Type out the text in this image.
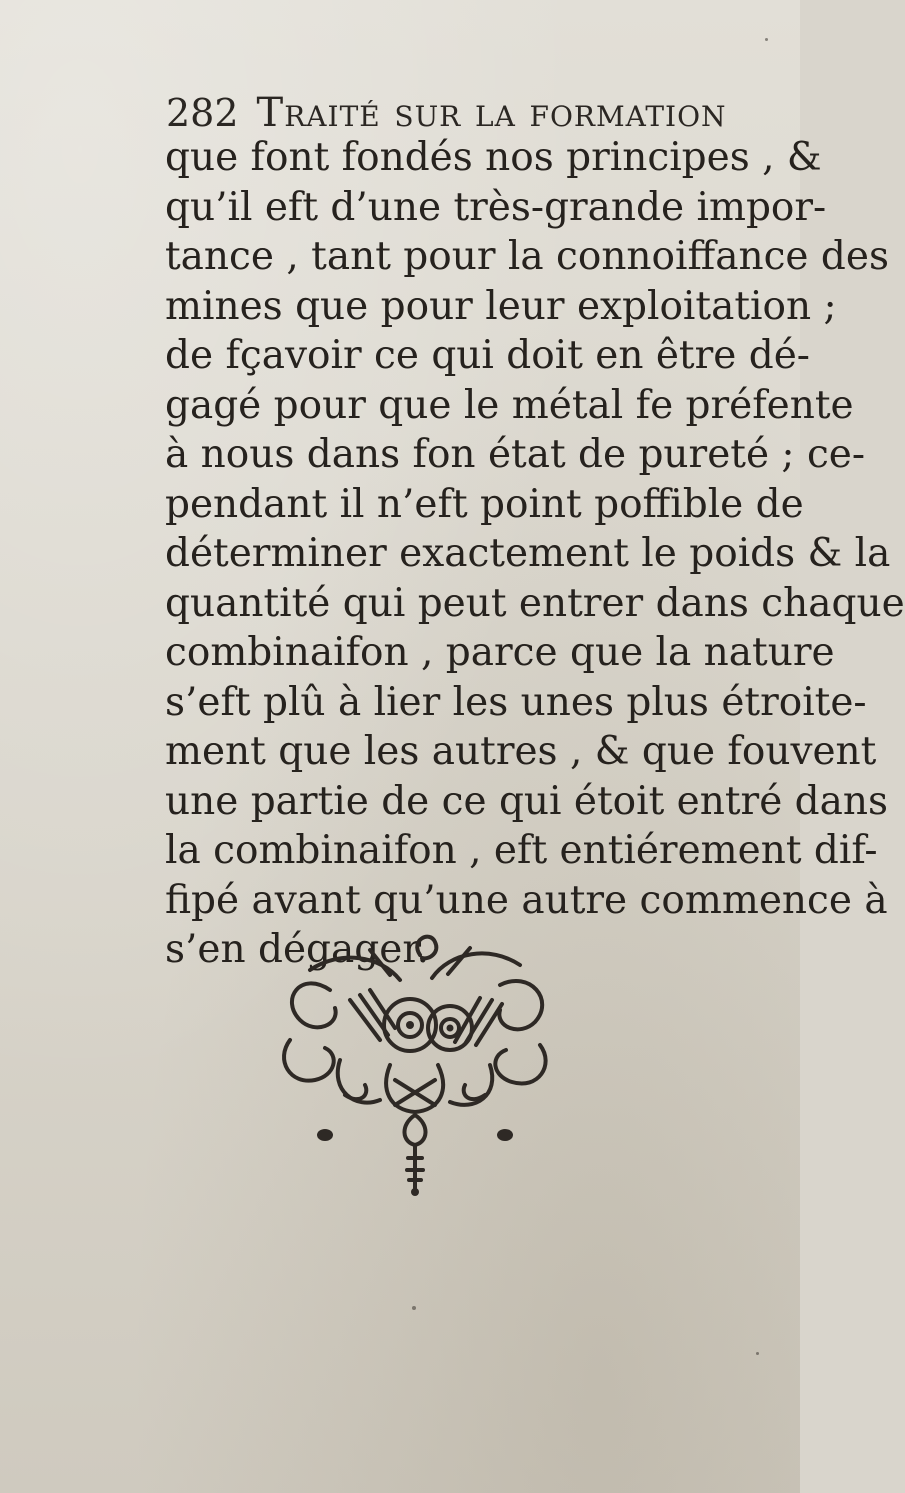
282 Traité sur la formation
que font fondés nos principes , &
qu’il eft d’une très-grande impor-
tance , tant pour la connoiffance des
mines que pour leur exploitation ;
de fçavoir ce qui doit en être dé-
gagé pour que le métal fe préfente
à nous dans fon état de pureté ; ce-
pendant il n’eft point poffible de
déterminer exactement le poids & la
quantité qui peut entrer dans chaque
combinaifon , parce que la nature
s’eft plû à lier les unes plus étroite-
ment que les autres , & que fouvent
une partie de ce qui étoit entré dans
la combinaifon , eft entiérement dif-
fipé avant qu’une autre commence à
s’en dégager.
